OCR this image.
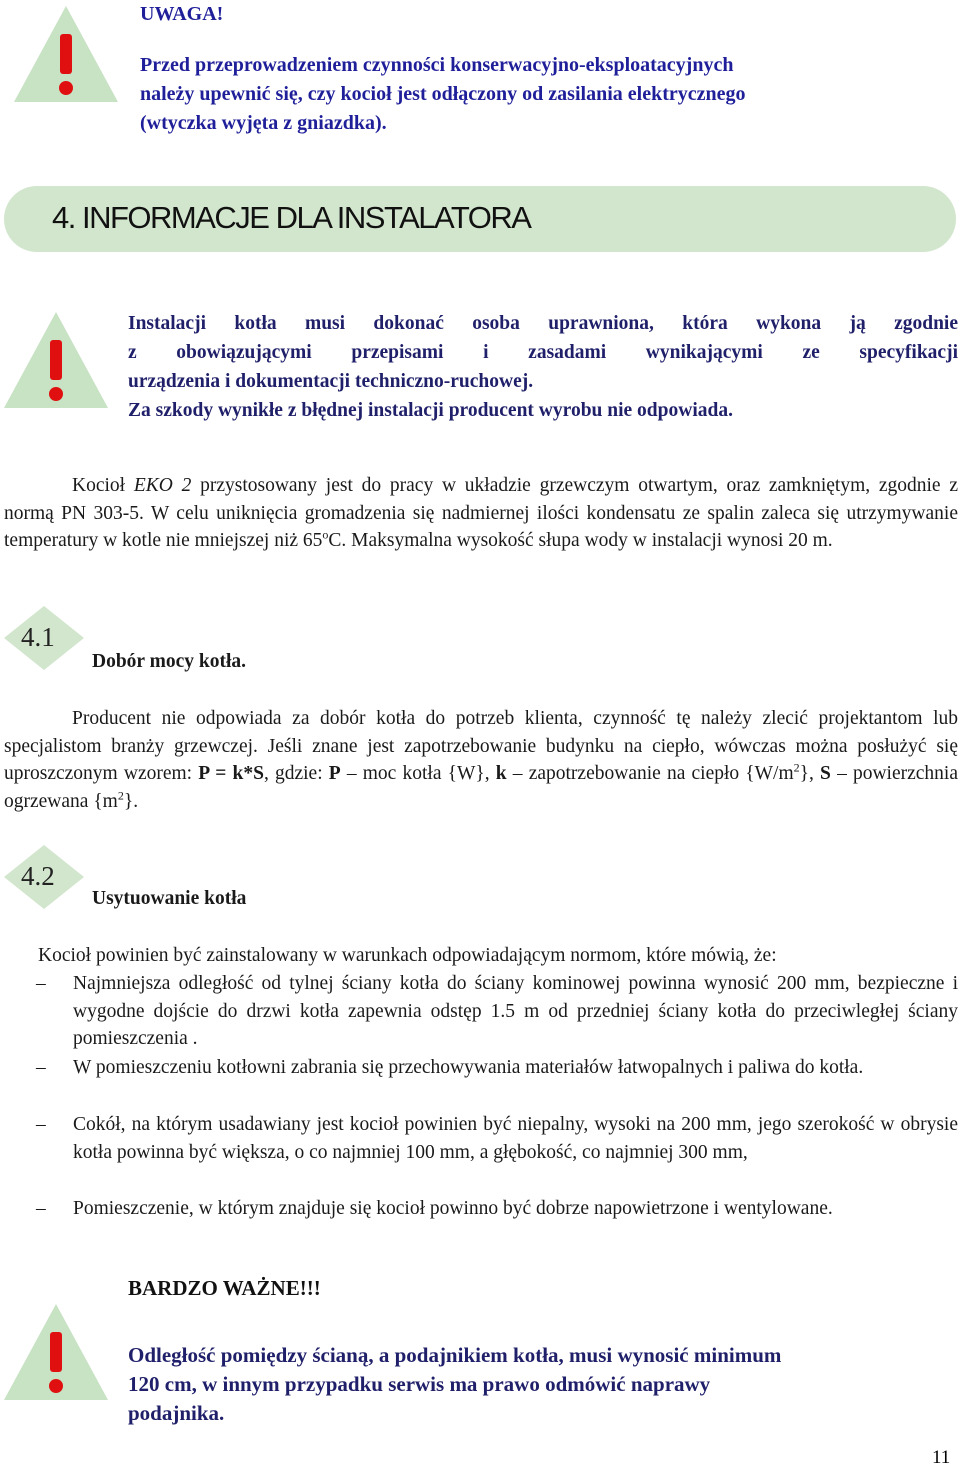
UWAGA!
Przed przeprowadzeniem czynności konserwacyjno-eksploatacyjnych
należy upewnić się, czy kocioł jest odłączony od zasilania elektrycznego
(wtyczka wyjęta z gniazdka).
4. INFORMACJE DLA INSTALATORA
Instalacji kotła musi dokonać osoba uprawniona, która wykona ją zgodnie
z obowiązującymi przepisami i zasadami wynikającymi ze specyfikacji
urządzenia i dokumentacji techniczno-ruchowej.
Za szkody wynikłe z błędnej instalacji producent wyrobu nie odpowiada.
Kocioł EKO 2 przystosowany jest do pracy w układzie grzewczym otwartym, oraz zamkniętym, zgodnie z normą PN 303-5. W celu uniknięcia gromadzenia się nadmiernej ilości kondensatu ze spalin zaleca się utrzymywanie temperatury w kotle nie mniejszej niż 65$^o$C. Maksymalna wysokość słupa wody w instalacji wynosi 20 m.
4.1
Dobór mocy kotła.
Producent nie odpowiada za dobór kotła do potrzeb klienta, czynność tę należy zlecić projektantom lub specjalistom branży grzewczej. Jeśli znane jest zapotrzebowanie budynku na ciepło, wówczas można posłużyć się uproszczonym wzorem: P = k*S, gdzie: P – moc kotła {W}, k – zapotrzebowanie na ciepło $\{W/m^2\}$, S – powierzchnia ogrzewana $\{m^2\}$.
4.2
Usytuowanie kotła
Kocioł powinien być zainstalowany w warunkach odpowiadającym normom, które mówią, że:
– Najmniejsza odległość od tylnej ściany kotła do ściany kominowej powinna wynosić 200 mm, bezpieczne i wygodne dojście do drzwi kotła zapewnia odstęp 1.5 m od przedniej ściany kotła do przeciwległej ściany pomieszczenia .
– W pomieszczeniu kotłowni zabrania się przechowywania materiałów łatwopalnych i paliwa do kotła.
– Cokół, na którym usadawiany jest kocioł powinien być niepalny, wysoki na 200 mm, jego szerokość w obrysie kotła powinna być większa, o co najmniej 100 mm, a głębokość, co najmniej 300 mm,
– Pomieszczenie, w którym znajduje się kocioł powinno być dobrze napowietrzone i wentylowane.
BARDZO WAŻNE!!!
Odległość pomiędzy ścianą, a podajnikiem kotła, musi wynosić minimum
120 cm, w innym przypadku serwis ma prawo odmówić naprawy
podajnika.
11
